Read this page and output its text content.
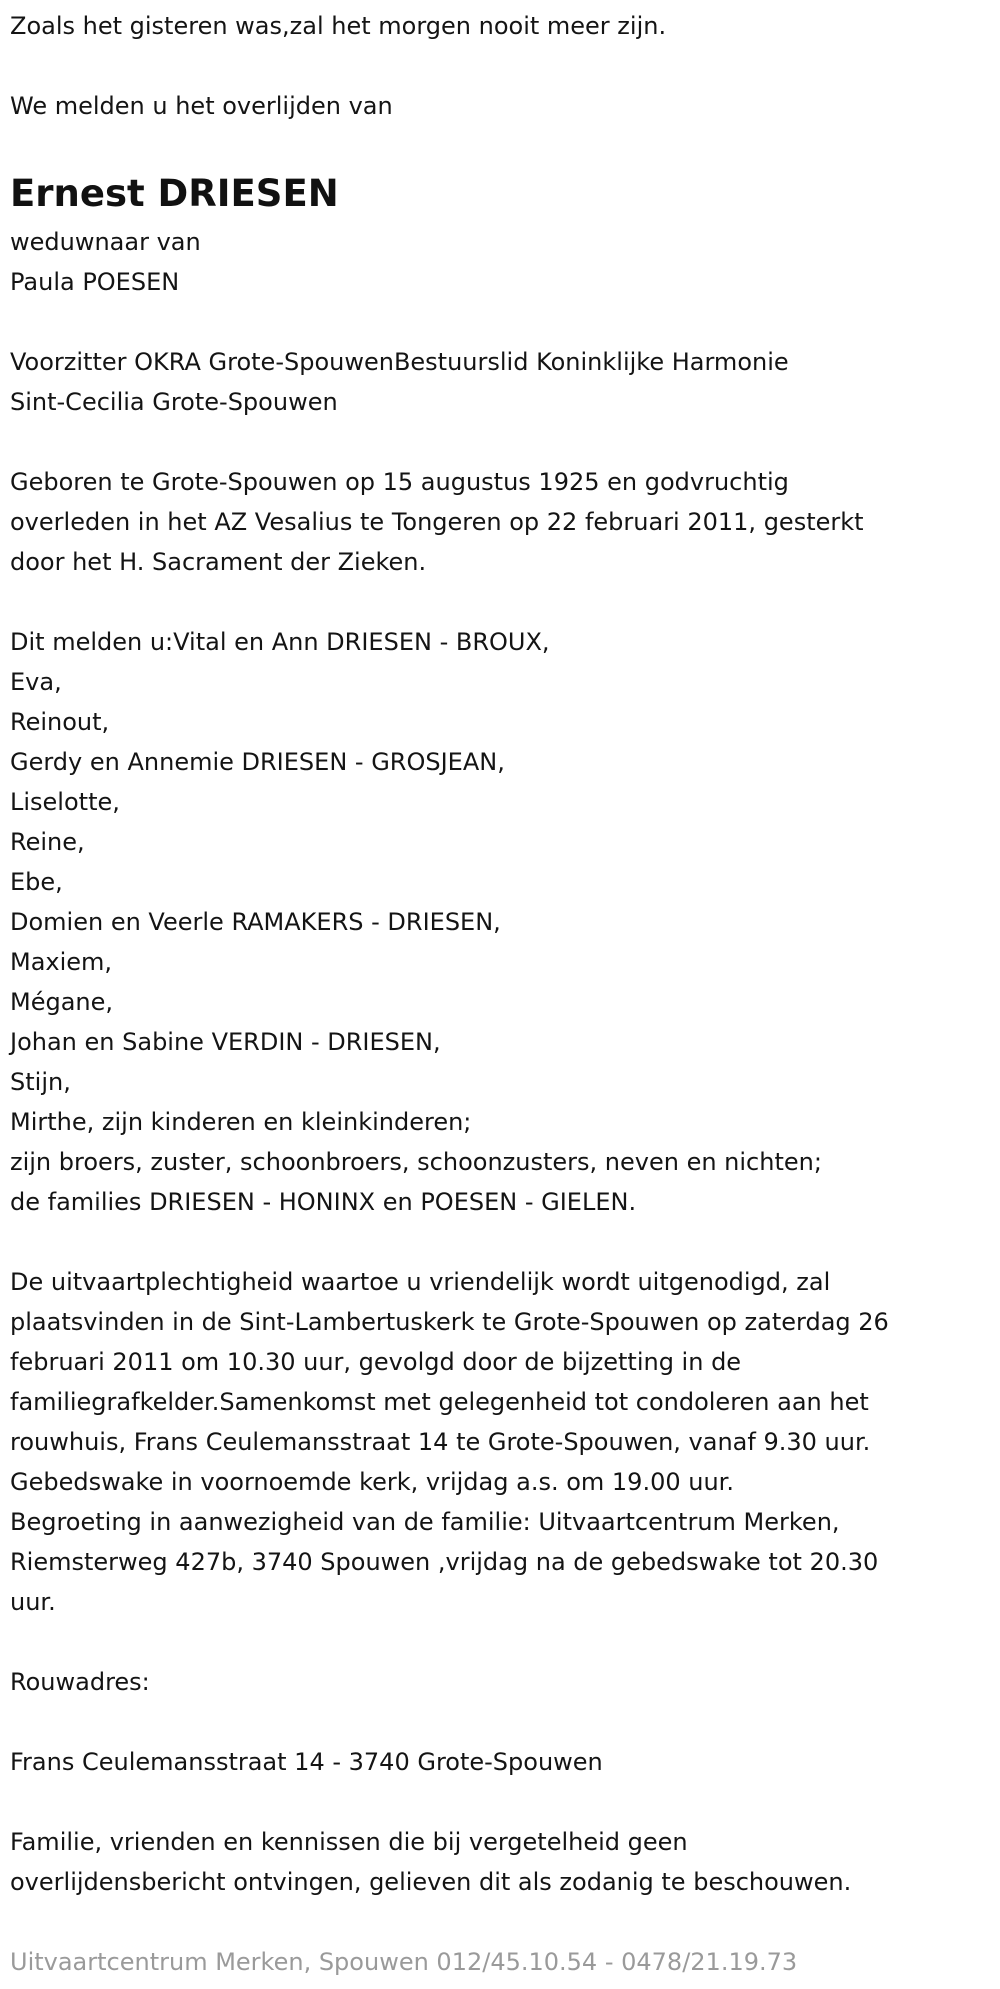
Zoals het gisteren was,zal het morgen nooit meer zijn.
We melden u het overlijden van
Ernest DRIESEN
weduwnaar van
Paula POESEN
Voorzitter OKRA Grote-SpouwenBestuurslid Koninklijke Harmonie
Sint-Cecilia Grote-Spouwen
Geboren te Grote-Spouwen op 15 augustus 1925 en godvruchtig
overleden in het AZ Vesalius te Tongeren op 22 februari 2011, gesterkt
door het H. Sacrament der Zieken.
Dit melden u:Vital en Ann DRIESEN - BROUX,
Eva,
Reinout,
Gerdy en Annemie DRIESEN - GROSJEAN,
Liselotte,
Reine,
Ebe,
Domien en Veerle RAMAKERS - DRIESEN,
Maxiem,
Mégane,
Johan en Sabine VERDIN - DRIESEN,
Stijn,
Mirthe, zijn kinderen en kleinkinderen;
zijn broers, zuster, schoonbroers, schoonzusters, neven en nichten;
de families DRIESEN - HONINX en POESEN - GIELEN.
De uitvaartplechtigheid waartoe u vriendelijk wordt uitgenodigd, zal
plaatsvinden in de Sint-Lambertuskerk te Grote-Spouwen op zaterdag 26
februari 2011 om 10.30 uur, gevolgd door de bijzetting in de
familiegrafkelder.Samenkomst met gelegenheid tot condoleren aan het
rouwhuis, Frans Ceulemansstraat 14 te Grote-Spouwen, vanaf 9.30 uur.
Gebedswake in voornoemde kerk, vrijdag a.s. om 19.00 uur.
Begroeting in aanwezigheid van de familie: Uitvaartcentrum Merken,
Riemsterweg 427b, 3740 Spouwen ,vrijdag na de gebedswake tot 20.30
uur.
Rouwadres:
Frans Ceulemansstraat 14 - 3740 Grote-Spouwen
Familie, vrienden en kennissen die bij vergetelheid geen
overlijdensbericht ontvingen, gelieven dit als zodanig te beschouwen.
Uitvaartcentrum Merken, Spouwen 012/45.10.54 - 0478/21.19.73
